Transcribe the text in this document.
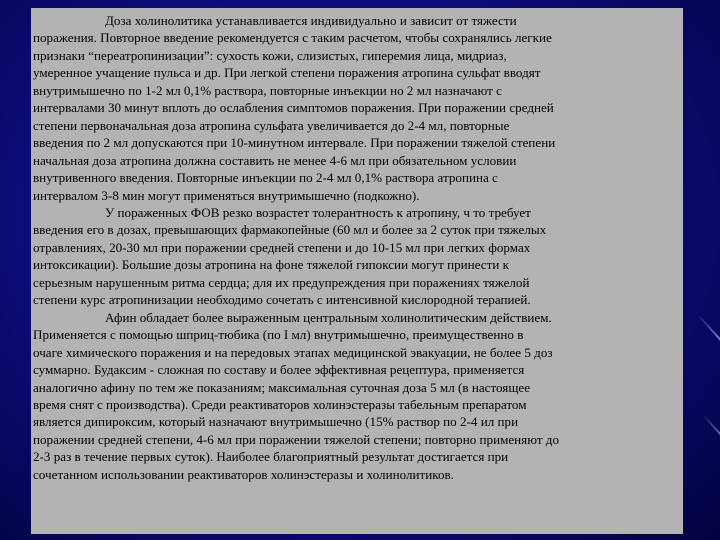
Доза холинолитика устанавливается индивидуально и зависит от тяжести
поражения. Повторное введение рекомендуется с таким расчетом, чтобы сохранялись легкие
признаки “переатропинизации”: сухость кожи, слизистых, гиперемия лица, мидриаз,
умеренное учащение пульса и др. При легкой степени поражения атропина сульфат вводят
внутримышечно по 1-2 мл 0,1% раствора, повторные инъекции но 2 мл назначают с
интервалами 30 минут вплоть до ослабления симптомов поражения. При поражении средней
степени первоначальная доза атропина сульфата увеличивается до 2-4 мл, повторные
введения по 2 мл допускаются при 10-минутном интервале. При поражении тяжелой степени
начальная доза атропина должна составить не менее 4-6 мл при обязательном условии
внутривенного введения. Повторные инъекции по 2-4 мл 0,1% раствора атропина с
интервалом 3-8 мин могут применяться внутримышечно (подкожно).

У пораженных ФОВ резко возрастет толерантность к атропину, ч то требует
введения его в дозах, превышающих фармакопейные (60 мл и более за 2 суток при тяжелых
отравлениях, 20-30 мл при поражении средней степени и до 10-15 мл при легких формах
интоксикации). Большие дозы атропина на фоне тяжелой гипоксии могут принести к
серьезным нарушенным ритма сердца; для их предупреждения при поражениях тяжелой
степени курс атропинизации необходимо сочетать с интенсивной кислородной терапией.

Афин обладает более выраженным центральным холинолитическим действием.
Применяется с помощью шприц-тюбика (по I мл) внутримышечно, преимущественно в
очаге химического поражения и на передовых этапах медицинской эвакуации, не более 5 доз
суммарно. Будаксим - сложная по составу и более эффективная рецептура, применяется
аналогично афину по тем же показаниям; максимальная суточная доза 5 мл (в настоящее
время снят с производства). Среди реактиваторов холинэстеразы табельным препаратом
является дипироксим, который назначают внутримышечно (15% раствор по 2-4 ил при
поражении средней степени, 4-6 мл при поражении тяжелой степени; повторно применяют до
2-3 раз в течение первых суток). Наиболее благоприятный результат достигается при
сочетанном использовании реактиваторов холинэстеразы и холинолитиков.
